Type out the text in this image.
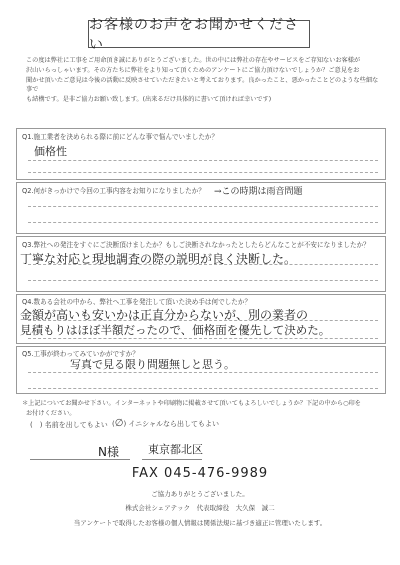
お客様のお声をお聞かせください

この度は弊社に工事をご用命頂き誠にありがとうございました。世の中には弊社の存在やサービスをご存知ないお客様が

沢山いらっしゃいます。その方たちに弊社をより知って頂くためのアンケートにご協力頂けないでしょうか？ご意見をお

聞かせ頂いたご意見は今後の活動に反映させていただきたいと考えております。良かったこと、悪かったことどのような些細な事で

も結構です。是非ご協力お願い致します。(出来るだけ具体的に書いて頂ければ幸いです)

Q1.施工業者を決められる際に前にどんな事で悩んでいましたか？
価格性
Q2.何がきっかけで今回の工事内容をお知りになりましたか？ →この時期は雨音問題
Q3.弊社への発注をすぐにご決断頂けましたか？もしご決断されなかったとしたらどんなことが不安になりましたか？
丁寧な対応と現地調査の際の説明が良く決断した。
Q4.数ある会社の中から、弊社へ工事を発注して頂いた決め手は何でしたか？
金額が高いも安いかは正直分からないが、別の業者の
見積もりはほぼ半額だったので、価格面を優先して決めた。
Q5.工事が終わってみていかがですか？
写真で見る限り問題無しと思う。
＊上記についてお聞かせ下さい。インターネットや印刷物に掲載させて頂いてもよろしいでしょうか？下記の中から○印を
お付けください。
(　) 名前を出してもよい (∅) イニシャルなら出してもよい
N様	東京都北区
FAX 045-476-9989
ご協力ありがとうございました。
株式会社シェアテック　代表取締役　大久保　誠二
当アンケートで取得したお客様の個人情報は関係法規に基づき適正に管理いたします。
